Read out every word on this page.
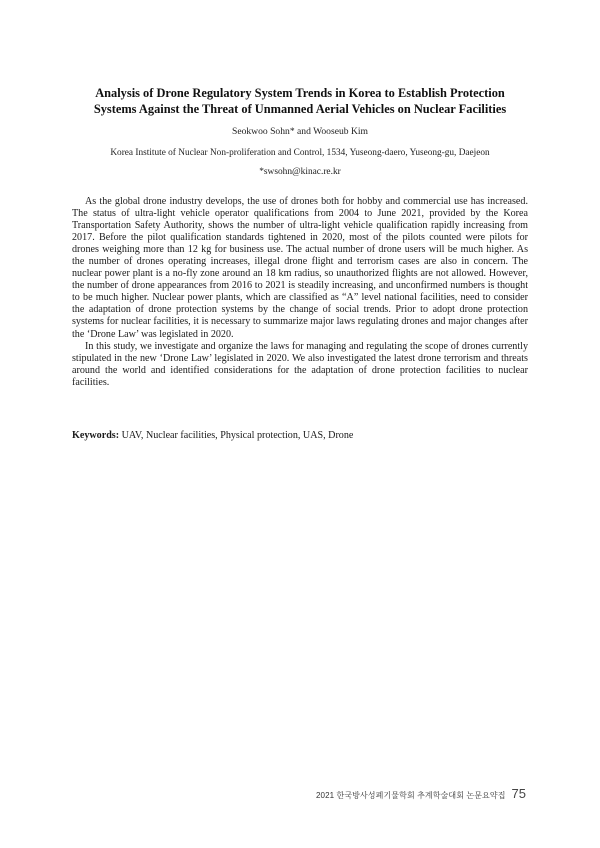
Analysis of Drone Regulatory System Trends in Korea to Establish Protection
Systems Against the Threat of Unmanned Aerial Vehicles on Nuclear Facilities
Seokwoo Sohn* and Wooseub Kim
Korea Institute of Nuclear Non-proliferation and Control, 1534, Yuseong-daero, Yuseong-gu, Daejeon
*swsohn@kinac.re.kr

As the global drone industry develops, the use of drones both for hobby and commercial use has increased. The status of ultra-light vehicle operator qualifications from 2004 to June 2021, provided by the Korea Transportation Safety Authority, shows the number of ultra-light vehicle qualification rapidly increasing from 2017. Before the pilot qualification standards tightened in 2020, most of the pilots counted were pilots for drones weighing more than 12 kg for business use. The actual number of drone users will be much higher. As the number of drones operating increases, illegal drone flight and terrorism cases are also in concern. The nuclear power plant is a no-fly zone around an 18 km radius, so unauthorized flights are not allowed. However, the number of drone appearances from 2016 to 2021 is steadily increasing, and unconfirmed numbers is thought to be much higher. Nuclear power plants, which are classified as “A” level national facilities, need to consider the adaptation of drone protection systems by the change of social trends. Prior to adopt drone protection systems for nuclear facilities, it is necessary to summarize major laws regulating drones and major changes after the ‘Drone Law’ was legislated in 2020.

In this study, we investigate and organize the laws for managing and regulating the scope of drones currently stipulated in the new ‘Drone Law’ legislated in 2020. We also investigated the latest drone terrorism and threats around the world and identified considerations for the adaptation of drone protection facilities to nuclear facilities.

Keywords: UAV, Nuclear facilities, Physical protection, UAS, Drone
2021 한국방사성폐기물학회 추계학술대회 논문요약집 75
